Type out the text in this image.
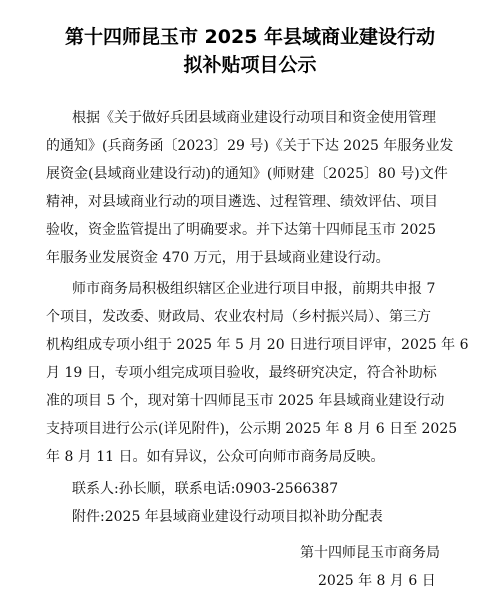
第十四师昆玉市 2025 年县域商业建设行动
拟补贴项目公示
根据《关于做好兵团县域商业建设行动项目和资金使用管理
的通知》(兵商务函〔2023〕29 号)《关于下达 2025 年服务业发
展资金(县域商业建设行动)的通知》(师财建〔2025〕80 号)文件
精神，对县域商业行动的项目遴选、过程管理、绩效评估、项目
验收，资金监管提出了明确要求。并下达第十四师昆玉市 2025
年服务业发展资金 470 万元，用于县域商业建设行动。
师市商务局积极组织辖区企业进行项目申报，前期共申报 7
个项目，发改委、财政局、农业农村局（乡村振兴局）、第三方
机构组成专项小组于 2025 年 5 月 20 日进行项目评审，2025 年 6
月 19 日，专项小组完成项目验收，最终研究决定，符合补助标
准的项目 5 个，现对第十四师昆玉市 2025 年县域商业建设行动
支持项目进行公示(详见附件)，公示期 2025 年 8 月 6 日至 2025
年 8 月 11 日。如有异议，公众可向师市商务局反映。
联系人:孙长顺，联系电话:0903-2566387
附件:2025 年县域商业建设行动项目拟补助分配表
第十四师昆玉市商务局
2025 年 8 月 6 日
